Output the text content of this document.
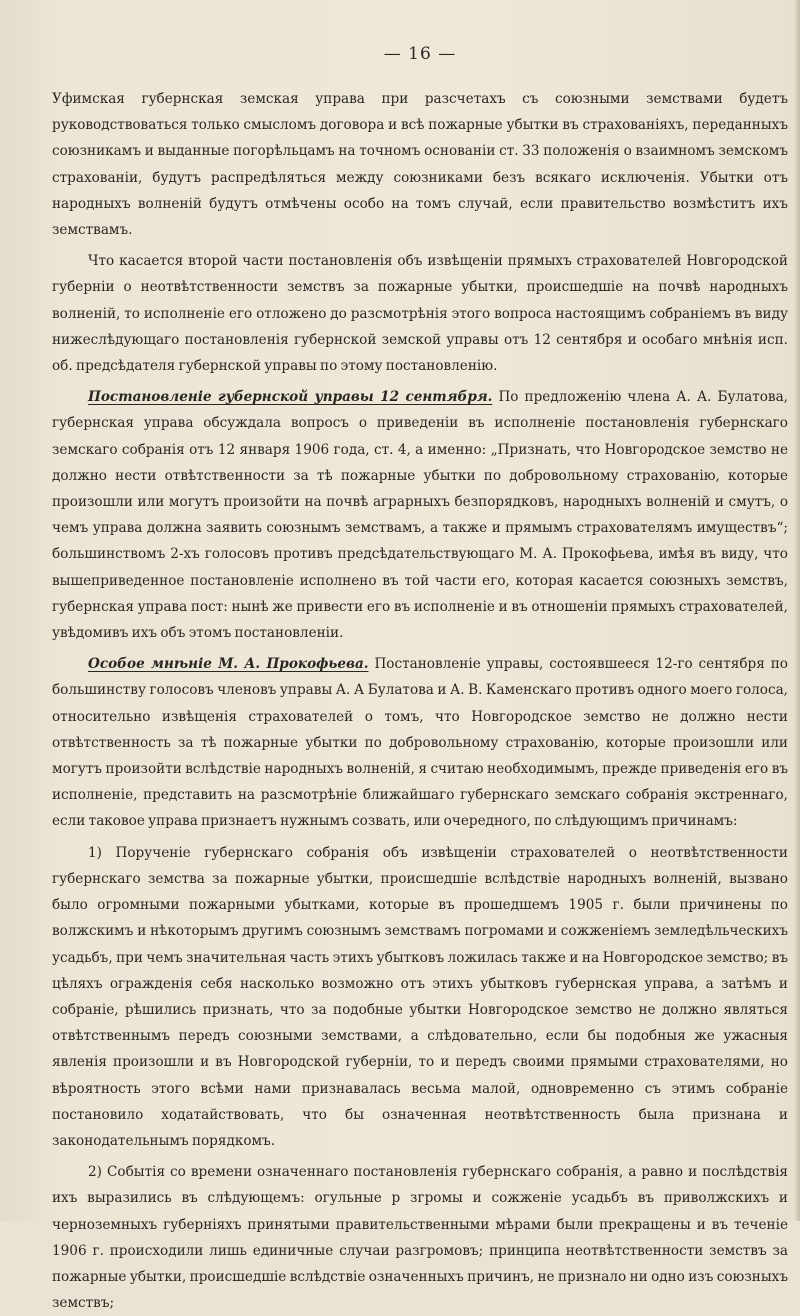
— 16 —

Уфимская губернская земская управа при разсчетахъ съ союзными земствами будетъ руководствоваться только смысломъ договора и всѣ пожарные убытки въ страхованіяхъ, переданныхъ союзникамъ и выданные погорѣльцамъ на точномъ основаніи ст. 33 положенія о взаимномъ земскомъ страхованіи, будутъ распредѣляться между союзниками безъ всякаго исключенія. Убытки отъ народныхъ волненій будутъ отмѣчены особо на томъ случай, если правительство возмѣститъ ихъ земствамъ.

Что касается второй части постановленія объ извѣщеніи прямыхъ страхователей Новгородской губерніи о неотвѣтственности земствъ за пожарные убытки, происшедшіе на почвѣ народныхъ волненій, то исполненіе его отложено до разсмотрѣнія этого вопроса настоящимъ собраніемъ въ виду нижеслѣдующаго постановленія губернской земской управы отъ 12 сентября и особаго мнѣнія исп. об. предсѣдателя губернской управы по этому постановленію.

Постановленіе губернской управы 12 сентября. По предложенію члена А. А. Булатова, губернская управа обсуждала вопросъ о приведеніи въ исполненіе постановленія губернскаго земскаго собранія отъ 12 января 1906 года, ст. 4, а именно: „Признать, что Новгородское земство не должно нести отвѣтственности за тѣ пожарные убытки по добровольному страхованію, которые произошли или могутъ произойти на почвѣ аграрныхъ безпорядковъ, народныхъ волненій и смутъ, о чемъ управа должна заявить союзнымъ земствамъ, а также и прямымъ страхователямъ имуществъ“; большинствомъ 2-хъ голосовъ противъ предсѣдательствующаго М. А. Прокофьева, имѣя въ виду, что вышеприведенное постановленіе исполнено въ той части его, которая касается союзныхъ земствъ, губернская управа пост: нынѣ же привести его въ исполненіе и въ отношеніи прямыхъ страхователей, увѣдомивъ ихъ объ этомъ постановленіи.

Особое мнѣніе М. А. Прокофьева. Постановленіе управы, состоявшееся 12-го сентября по большинству голосовъ членовъ управы А. А Булатова и А. В. Каменскаго противъ одного моего голоса, относительно извѣщенія страхователей о томъ, что Новгородское земство не должно нести отвѣтственность за тѣ пожарные убытки по добровольному страхованію, которые произошли или могутъ произойти вслѣдствіе народныхъ волненій, я считаю необходимымъ, прежде приведенія его въ исполненіе, представить на разсмотрѣніе ближайшаго губернскаго земскаго собранія экстреннаго, если таковое управа признаетъ нужнымъ созвать, или очередного, по слѣдующимъ причинамъ:

1) Порученіе губернскаго собранія объ извѣщеніи страхователей о неотвѣтственности губернскаго земства за пожарные убытки, происшедшіе вслѣдствіе народныхъ волненій, вызвано было огромными пожарными убытками, которые въ прошедшемъ 1905 г. были причинены по волжскимъ и нѣкоторымъ другимъ союзнымъ земствамъ погромами и сожженіемъ земледѣльческихъ усадьбъ, при чемъ значительная часть этихъ убытковъ ложилась также и на Новгородское земство; въ цѣляхъ огражденія себя насколько возможно отъ этихъ убытковъ губернская управа, а затѣмъ и собраніе, рѣшились признать, что за подобные убытки Новгородское земство не должно являться отвѣтственнымъ передъ союзными земствами, а слѣдовательно, если бы подобныя же ужасныя явленія произошли и въ Новгородской губерніи, то и передъ своими прямыми страхователями, но вѣроятность этого всѣми нами признавалась весьма малой, одновременно съ этимъ собраніе постановило ходатайствовать, что бы означенная неотвѣтственность была признана и законодательнымъ порядкомъ.

2) Событія со времени означеннаго постановленія губернскаго собранія, а равно и послѣдствія ихъ выразились въ слѣдующемъ: огульные р згромы и сожженіе усадьбъ въ приволжскихъ и черноземныхъ губерніяхъ принятыми правительственными мѣрами были прекращены и въ теченіе 1906 г. происходили лишь единичные случаи разгромовъ; принципа неотвѣтственности земствъ за пожарные убытки, происшедшіе вслѣдствіе означенныхъ причинъ, не признало ни одно изъ союзныхъ земствъ;
